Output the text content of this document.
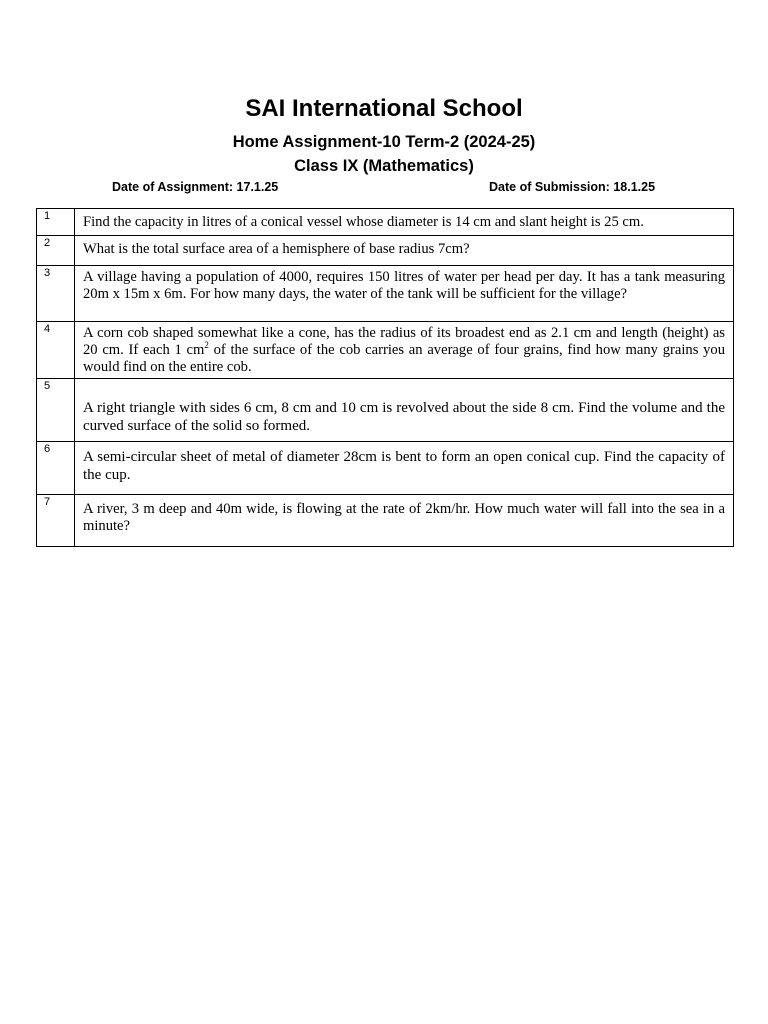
SAI International School
Home Assignment-10 Term-2 (2024-25)
Class IX (Mathematics)
Date of Assignment: 17.1.25	Date of Submission: 18.1.25
1	Find the capacity in litres of a conical vessel whose diameter is 14 cm and slant height is 25 cm.
2	What is the total surface area of a hemisphere of base radius 7cm?
3	A village having a population of 4000, requires 150 litres of water per head per day. It has a tank measuring 20m x 15m x 6m. For how many days, the water of the tank will be sufficient for the village?
4	A corn cob shaped somewhat like a cone, has the radius of its broadest end as 2.1 cm and length (height) as 20 cm. If each 1 $cm^2$ of the surface of the cob carries an average of four grains, find how many grains you would find on the entire cob.
5	A right triangle with sides 6 cm, 8 cm and 10 cm is revolved about the side 8 cm. Find the volume and the curved surface of the solid so formed.
6	A semi-circular sheet of metal of diameter 28cm is bent to form an open conical cup. Find the capacity of the cup.
7	A river, 3 m deep and 40m wide, is flowing at the rate of 2km/hr. How much water will fall into the sea in a minute?
